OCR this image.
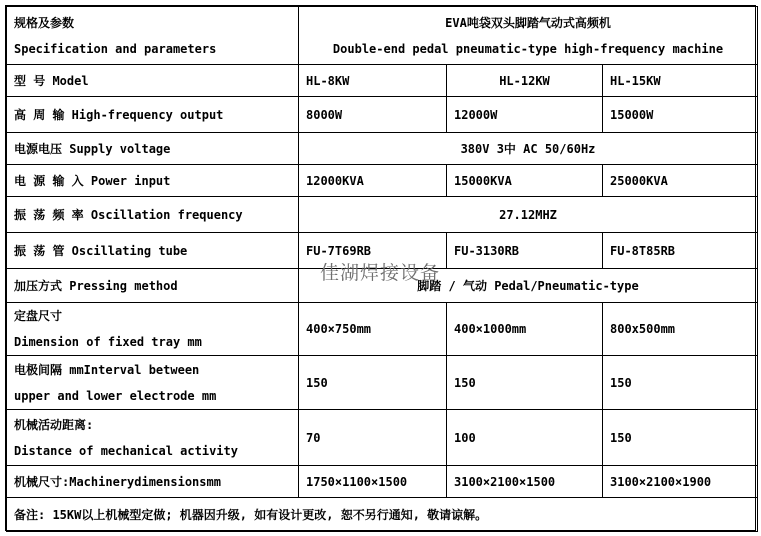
规格及参数
Specification and parameters	EVA吨袋双头脚踏气动式高频机
Double-end pedal pneumatic-type high-frequency machine		

型 号 Model	HL-8KW	HL-12KW	HL-15KW
高 周 输 High-frequency output	8000W	12000W	15000W
电源电压 Supply voltage	380V 3中 AC 50/60Hz		
电 源 输 入 Power input	12000KVA	15000KVA	25000KVA
振 荡 频 率 Oscillation frequency	27.12MHZ		
振 荡 管 Oscillating tube	FU-7T69RB	FU-3130RB	FU-8T85RB
加压方式 Pressing method	脚踏 / 气动 Pedal/Pneumatic-type		

定盘尺寸
Dimension of fixed tray mm	400×750mm	400×1000mm	800x500mm

电极间隔 mmInterval between
upper and lower electrode mm	150	150	150

机械活动距离:
Distance of mechanical activity	70	100	150
机械尺寸:Machinerydimensionsmm	1750×1100×1500	3100×2100×1500	3100×2100×1900
备注: 15KW以上机械型定做; 机器因升级, 如有设计更改, 恕不另行通知, 敬请谅解。			
佳湖焊接设备
